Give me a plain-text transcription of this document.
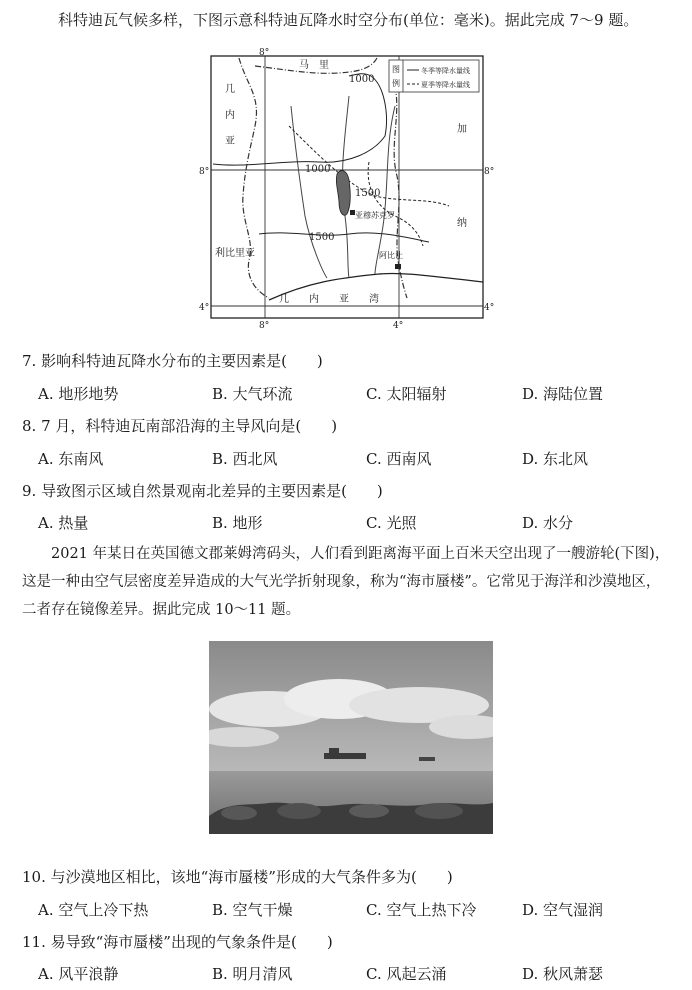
科特迪瓦气候多样，下图示意科特迪瓦降水时空分布(单位：毫米)。据此完成 7～9 题。
马　里
几
内
亚
加
纳
利比里亚
几　　内　　亚　　湾
亚穆苏克罗
阿比让
1000
1000
1500
1500
8°
8°	8°
4°	4°
8°	4°
图
例
冬季等降水量线
夏季等降水量线
7. 影响科特迪瓦降水分布的主要因素是(　　)
A. 地形地势	B. 大气环流	C. 太阳辐射	D. 海陆位置
8. 7 月，科特迪瓦南部沿海的主导风向是(　　)
A. 东南风	B. 西北风	C. 西南风	D. 东北风
9. 导致图示区域自然景观南北差异的主要因素是(　　)
A. 热量	B. 地形	C. 光照	D. 水分
2021 年某日在英国德文郡莱姆湾码头，人们看到距离海平面上百米天空出现了一艘游轮(下图)，这是一种由空气层密度差异造成的大气光学折射现象，称为“海市蜃楼”。它常见于海洋和沙漠地区，二者存在镜像差异。据此完成 10～11 题。
10. 与沙漠地区相比，该地“海市蜃楼”形成的大气条件多为(　　)
A. 空气上冷下热	B. 空气干燥	C. 空气上热下冷	D. 空气湿润
11. 易导致“海市蜃楼”出现的气象条件是(　　)
A. 风平浪静	B. 明月清风	C. 风起云涌	D. 秋风萧瑟
